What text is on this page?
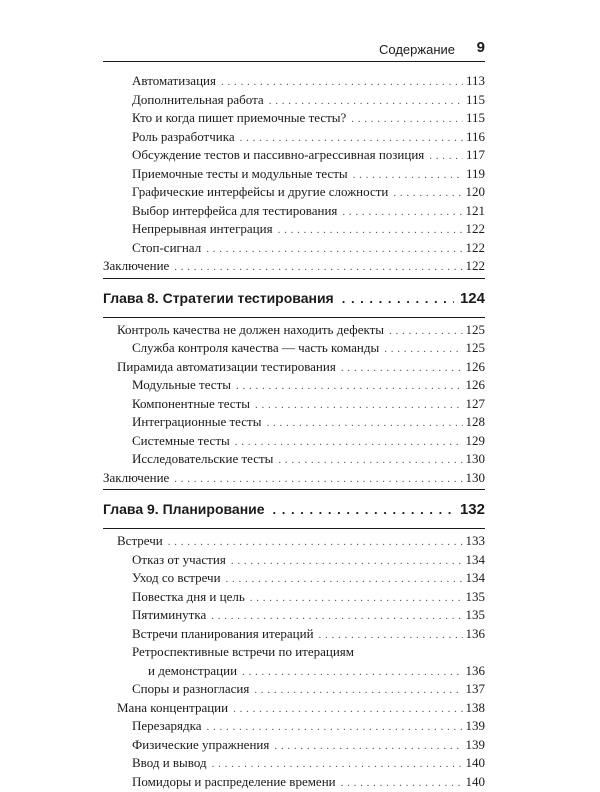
Содержание 9
Автоматизация . . .	113
Дополнительная работа . . .	115
Кто и когда пишет приемочные тесты? . . .	115
Роль разработчика . . .	116
Обсуждение тестов и пассивно-агрессивная позиция . . .	117
Приемочные тесты и модульные тесты . . .	119
Графические интерфейсы и другие сложности . . .	120
Выбор интерфейса для тестирования . . .	121
Непрерывная интеграция . . .	122
Стоп-сигнал . . .	122
Заключение . . .	122
Глава 8. Стратегии тестирования . . .	124
Контроль качества не должен находить дефекты . . .	125
Служба контроля качества — часть команды . . .	125
Пирамида автоматизации тестирования . . .	126
Модульные тесты . . .	126
Компонентные тесты . . .	127
Интеграционные тесты . . .	128
Системные тесты . . .	129
Исследовательские тесты . . .	130
Заключение . . .	130
Глава 9. Планирование . . .	132
Встречи . . .	133
Отказ от участия . . .	134
Уход со встречи . . .	134
Повестка дня и цель . . .	135
Пятиминутка . . .	135
Встречи планирования итераций . . .	136
Ретроспективные встречи по итерациям
и демонстрации . . .	136
Споры и разногласия . . .	137
Мана концентрации . . .	138
Перезарядка . . .	139
Физические упражнения . . .	139
Ввод и вывод . . .	140
Помидоры и распределение времени . . .	140
